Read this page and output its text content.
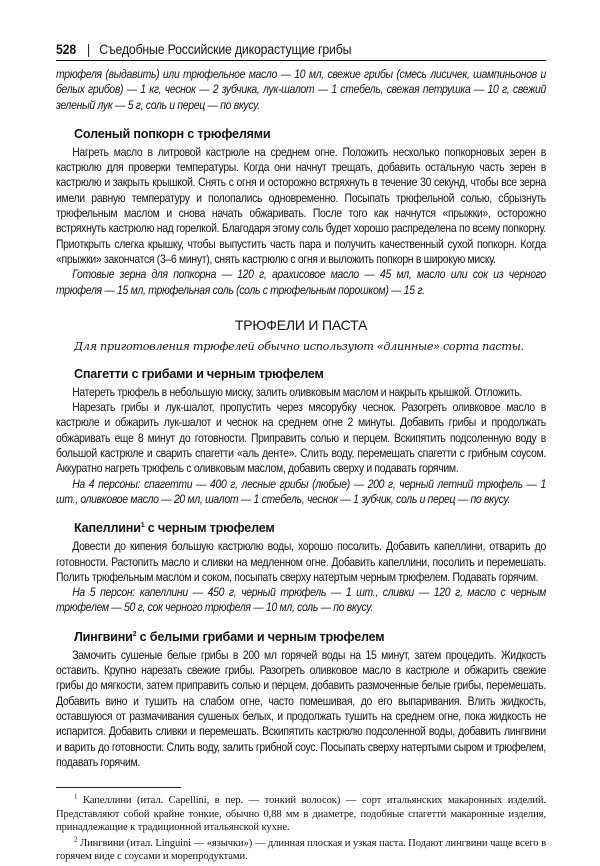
528 | Съедобные Российские дикорастущие грибы

трюфеля (выдавить) или трюфельное масло — 10 мл, свежие грибы (смесь лисичек, шампиньонов и белых грибов) — 1 кг, чеснок — 2 зубчика, лук-шалот — 1 стебель, свежая петрушка — 10 г, свежий зеленый лук — 5 г, соль и перец — по вкусу.

Соленый попкорн с трюфелями

Нагреть масло в литровой кастрюле на среднем огне. Положить несколько попкорновых зерен в кастрюлю для проверки температуры. Когда они начнут трещать, добавить остальную часть зерен в кастрюлю и закрыть крышкой. Снять с огня и осторожно встряхнуть в течение 30 секунд, чтобы все зерна имели равную температуру и полопались одновременно. Посыпать трюфельной солью, сбрызнуть трюфельным маслом и снова начать обжаривать. После того как начнутся «прыжки», осторожно встряхнуть кастрюлю над горелкой. Благодаря этому соль будет хорошо распределена по всему попкорну. Приоткрыть слегка крышку, чтобы выпустить часть пара и получить качественный сухой попкорн. Когда «прыжки» закончатся (3–6 минут), снять кастрюлю с огня и выложить попкорн в широкую миску.

Готовые зерна для попкорна — 120 г, арахисовое масло — 45 мл, масло или сок из черного трюфеля — 15 мл, трюфельная соль (соль с трюфельным порошком) — 15 г.

ТРЮФЕЛИ И ПАСТА
Для приготовления трюфелей обычно используют «длинные» сорта пасты.
Спагетти с грибами и черным трюфелем

Натереть трюфель в небольшую миску, залить оливковым маслом и накрыть крышкой. Отложить.

Нарезать грибы и лук-шалот, пропустить через мясорубку чеснок. Разогреть оливковое масло в кастрюле и обжарить лук-шалот и чеснок на среднем огне 2 минуты. Добавить грибы и продолжать обжаривать еще 8 минут до готовности. Приправить солью и перцем. Вскипятить подсоленную воду в большой кастрюле и сварить спагетти «аль денте». Слить воду, перемешать спагетти с грибным соусом. Аккуратно нагреть трюфель с оливковым маслом, добавить сверху и подавать горячим.

На 4 персоны: спагетти — 400 г, лесные грибы (любые) — 200 г, черный летний трюфель — 1 шт., оливковое масло — 20 мл, шалот — 1 стебель, чеснок — 1 зубчик, соль и перец — по вкусу.

Капеллини$^1$ с черным трюфелем

Довести до кипения большую кастрюлю воды, хорошо посолить. Добавить капеллини, отварить до готовности. Растопить масло и сливки на медленном огне. Добавить капеллини, посолить и перемешать. Полить трюфельным маслом и соком, посыпать сверху натертым черным трюфелем. Подавать горячим.

На 5 персон: капеллини — 450 г, черный трюфель — 1 шт., сливки — 120 г, масло с черным трюфелем — 50 г, сок черного трюфеля — 10 мл, соль — по вкусу.

Лингвини$^2$ с белыми грибами и черным трюфелем

Замочить сушеные белые грибы в 200 мл горячей воды на 15 минут, затем процедить. Жидкость оставить. Крупно нарезать свежие грибы. Разогреть оливковое масло в кастрюле и обжарить свежие грибы до мягкости, затем приправить солью и перцем, добавить размоченные белые грибы, перемешать. Добавить вино и тушить на слабом огне, часто помешивая, до его выпаривания. Влить жидкость, оставшуюся от размачивания сушеных белых, и продолжать тушить на среднем огне, пока жидкость не испарится. Добавить сливки и перемешать. Вскипятить кастрюлю подсоленной воды, добавить лингвини и варить до готовности. Слить воду, залить грибной соус. Посыпать сверху натертыми сыром и трюфелем, подавать горячим.

$^1$ Капеллини (итал. Capellini, в пер. — тонкий волосок) — сорт итальянских макаронных изделий. Представляют собой крайне тонкие, обычно 0,88 мм в диаметре, подобные спагетти макаронные изделия, принадлежащие к традиционной итальянской кухне.

$^2$ Лингвини (итал. Linguini — «язычки») — длинная плоская и узкая паста. Подают лингвини чаще всего в горячем виде с соусами и морепродуктами.
